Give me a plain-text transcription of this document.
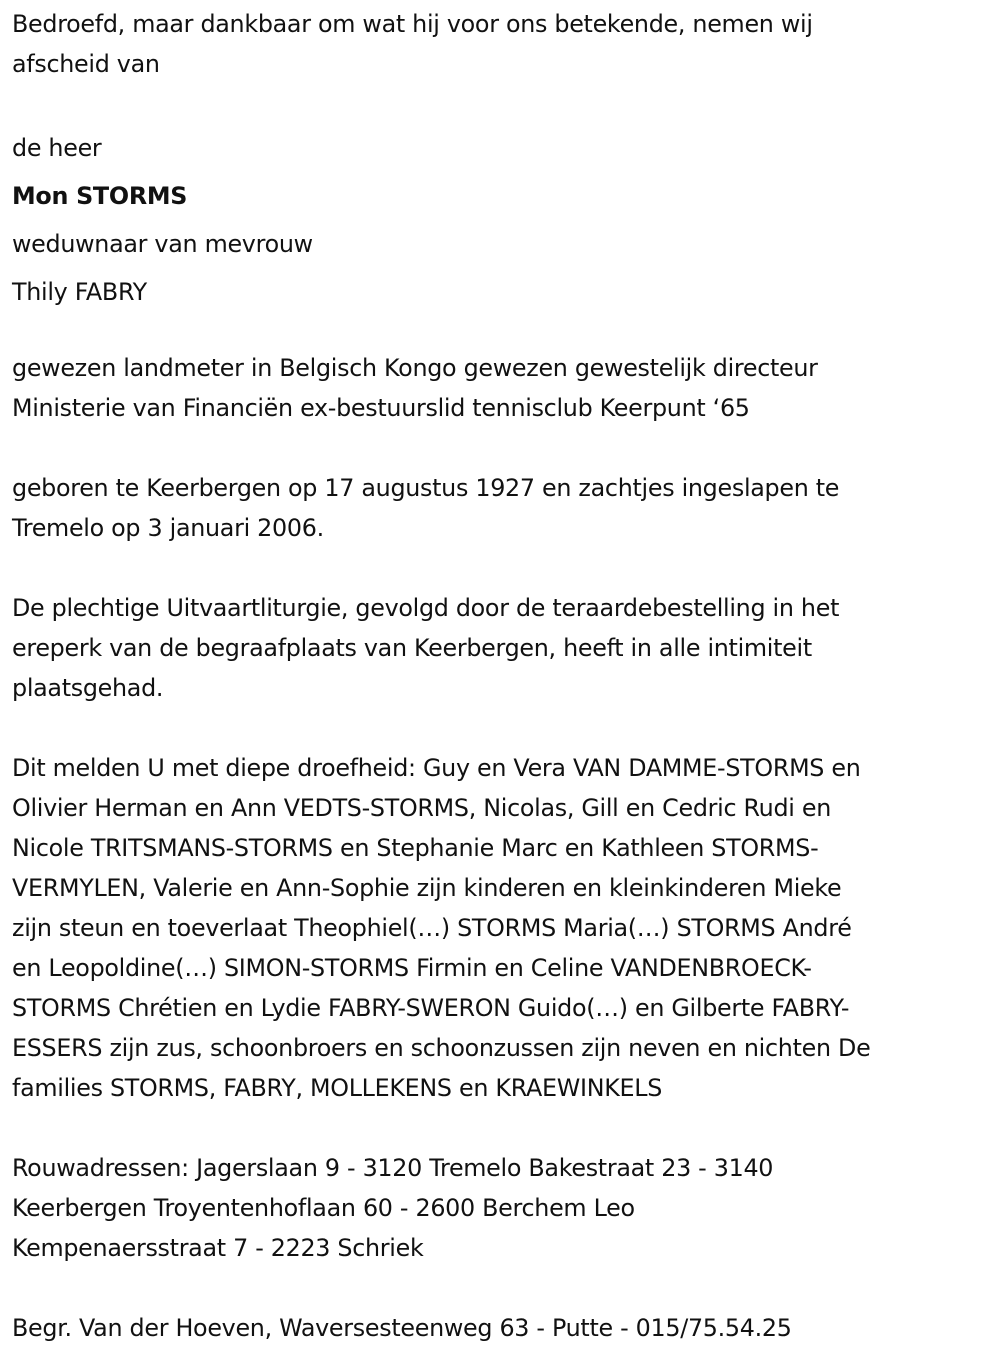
Bedroefd, maar dankbaar om wat hij voor ons betekende, nemen wij
afscheid van
de heer
Mon STORMS
weduwnaar van mevrouw
Thily FABRY
gewezen landmeter in Belgisch Kongo gewezen gewestelijk directeur
Ministerie van Financiën ex-bestuurslid tennisclub Keerpunt ‘65
geboren te Keerbergen op 17 augustus 1927 en zachtjes ingeslapen te
Tremelo op 3 januari 2006.
De plechtige Uitvaartliturgie, gevolgd door de teraardebestelling in het
ereperk van de begraafplaats van Keerbergen, heeft in alle intimiteit
plaatsgehad.
Dit melden U met diepe droefheid: Guy en Vera VAN DAMME-STORMS en
Olivier Herman en Ann VEDTS-STORMS, Nicolas, Gill en Cedric Rudi en
Nicole TRITSMANS-STORMS en Stephanie Marc en Kathleen STORMS-
VERMYLEN, Valerie en Ann-Sophie zijn kinderen en kleinkinderen Mieke
zijn steun en toeverlaat Theophiel(…) STORMS Maria(…) STORMS André
en Leopoldine(…) SIMON-STORMS Firmin en Celine VANDENBROECK-
STORMS Chrétien en Lydie FABRY-SWERON Guido(…) en Gilberte FABRY-
ESSERS zijn zus, schoonbroers en schoonzussen zijn neven en nichten De
families STORMS, FABRY, MOLLEKENS en KRAEWINKELS
Rouwadressen: Jagerslaan 9 - 3120 Tremelo Bakestraat 23 - 3140
Keerbergen Troyentenhoflaan 60 - 2600 Berchem Leo
Kempenaersstraat 7 - 2223 Schriek
Begr. Van der Hoeven, Waversesteenweg 63 - Putte - 015/75.54.25
